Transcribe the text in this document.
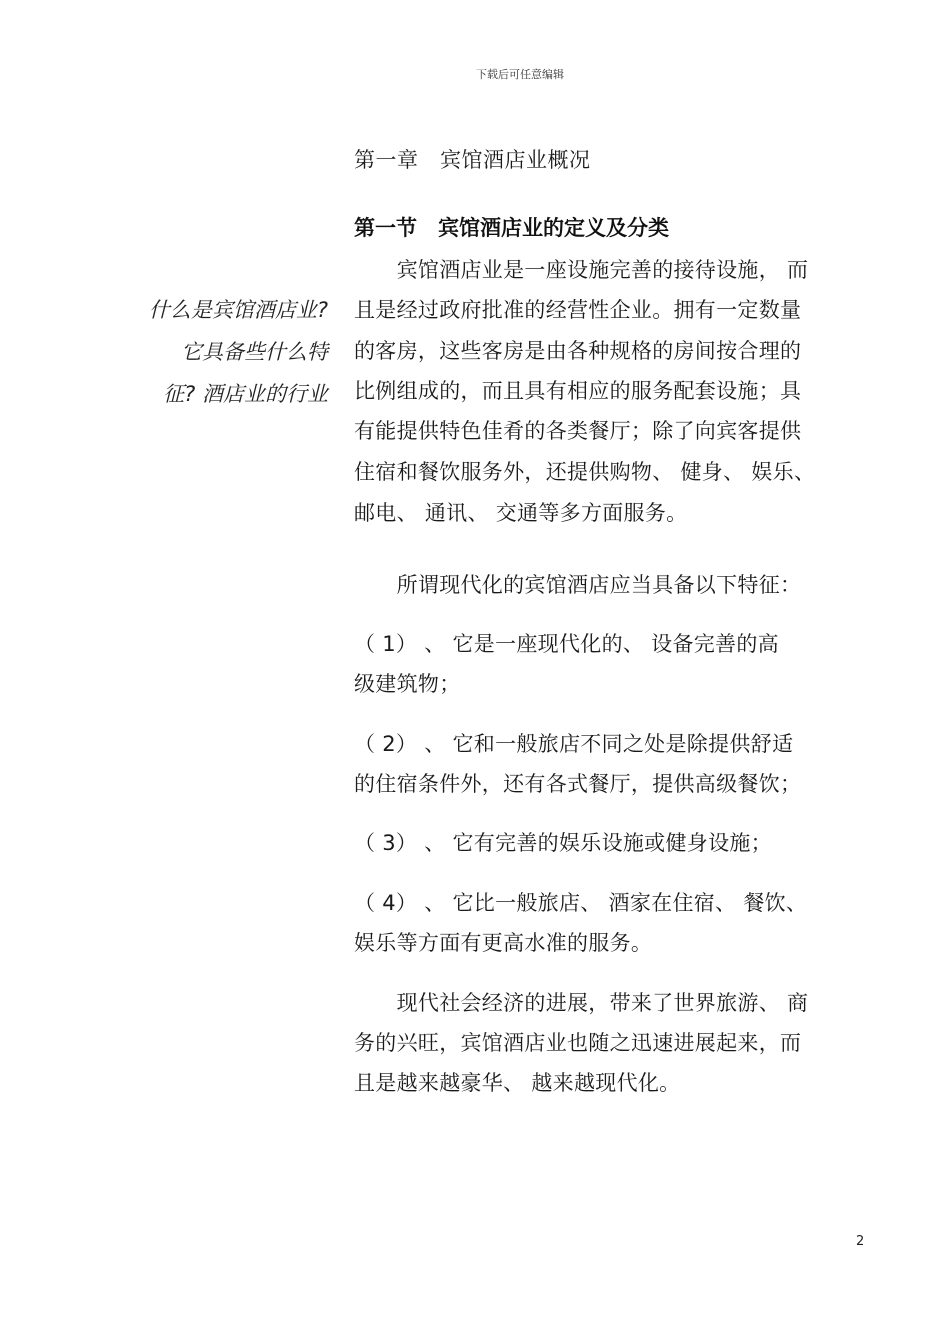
下载后可任意编辑
第一章　宾馆酒店业概况
第一节　宾馆酒店业的定义及分类
什么是宾馆酒店业?
它具备些什么特
征? 酒店业的行业
　　宾馆酒店业是一座设施完善的接待设施， 而
且是经过政府批准的经营性企业。拥有一定数量
的客房，这些客房是由各种规格的房间按合理的
比例组成的，而且具有相应的服务配套设施；具
有能提供特色佳肴的各类餐厅；除了向宾客提供
住宿和餐饮服务外，还提供购物、 健身、 娱乐、
邮电、 通讯、 交通等多方面服务。
　　所谓现代化的宾馆酒店应当具备以下特征：
（ 1） 、 它是一座现代化的、 设备完善的高
级建筑物；
（ 2） 、 它和一般旅店不同之处是除提供舒适
的住宿条件外，还有各式餐厅，提供高级餐饮；
（ 3） 、 它有完善的娱乐设施或健身设施；
（ 4） 、 它比一般旅店、 酒家在住宿、 餐饮、
娱乐等方面有更高水准的服务。
　　现代社会经济的进展，带来了世界旅游、 商
务的兴旺，宾馆酒店业也随之迅速进展起来，而
且是越来越豪华、 越来越现代化。
2
